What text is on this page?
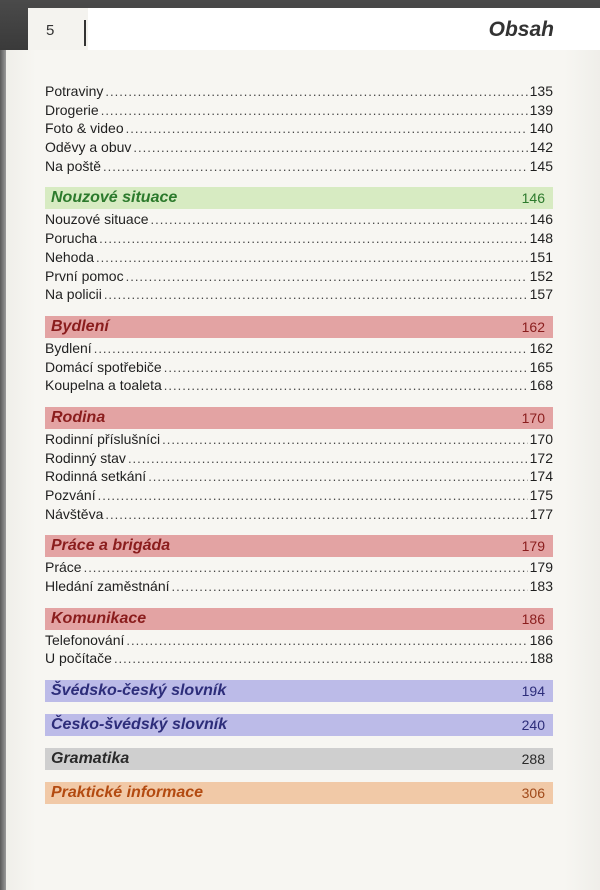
5	Obsah
Potraviny .....	135
Drogerie .....	139
Foto & video .....	140
Oděvy a obuv .....	142
Na poště .....	145
Nouzové situace	146
Nouzové situace .....	146
Porucha .....	148
Nehoda .....	151
První pomoc .....	152
Na policii .....	157
Bydlení	162
Bydlení .....	162
Domácí spotřebiče .....	165
Koupelna a toaleta .....	168
Rodina	170
Rodinní příslušníci .....	170
Rodinný stav .....	172
Rodinná setkání .....	174
Pozvání .....	175
Návštěva .....	177
Práce a brigáda	179
Práce .....	179
Hledání zaměstnání .....	183
Komunikace	186
Telefonování .....	186
U počítače .....	188
Švédsko-český slovník	194
Česko-švédský slovník	240
Gramatika	288
Praktické informace	306
